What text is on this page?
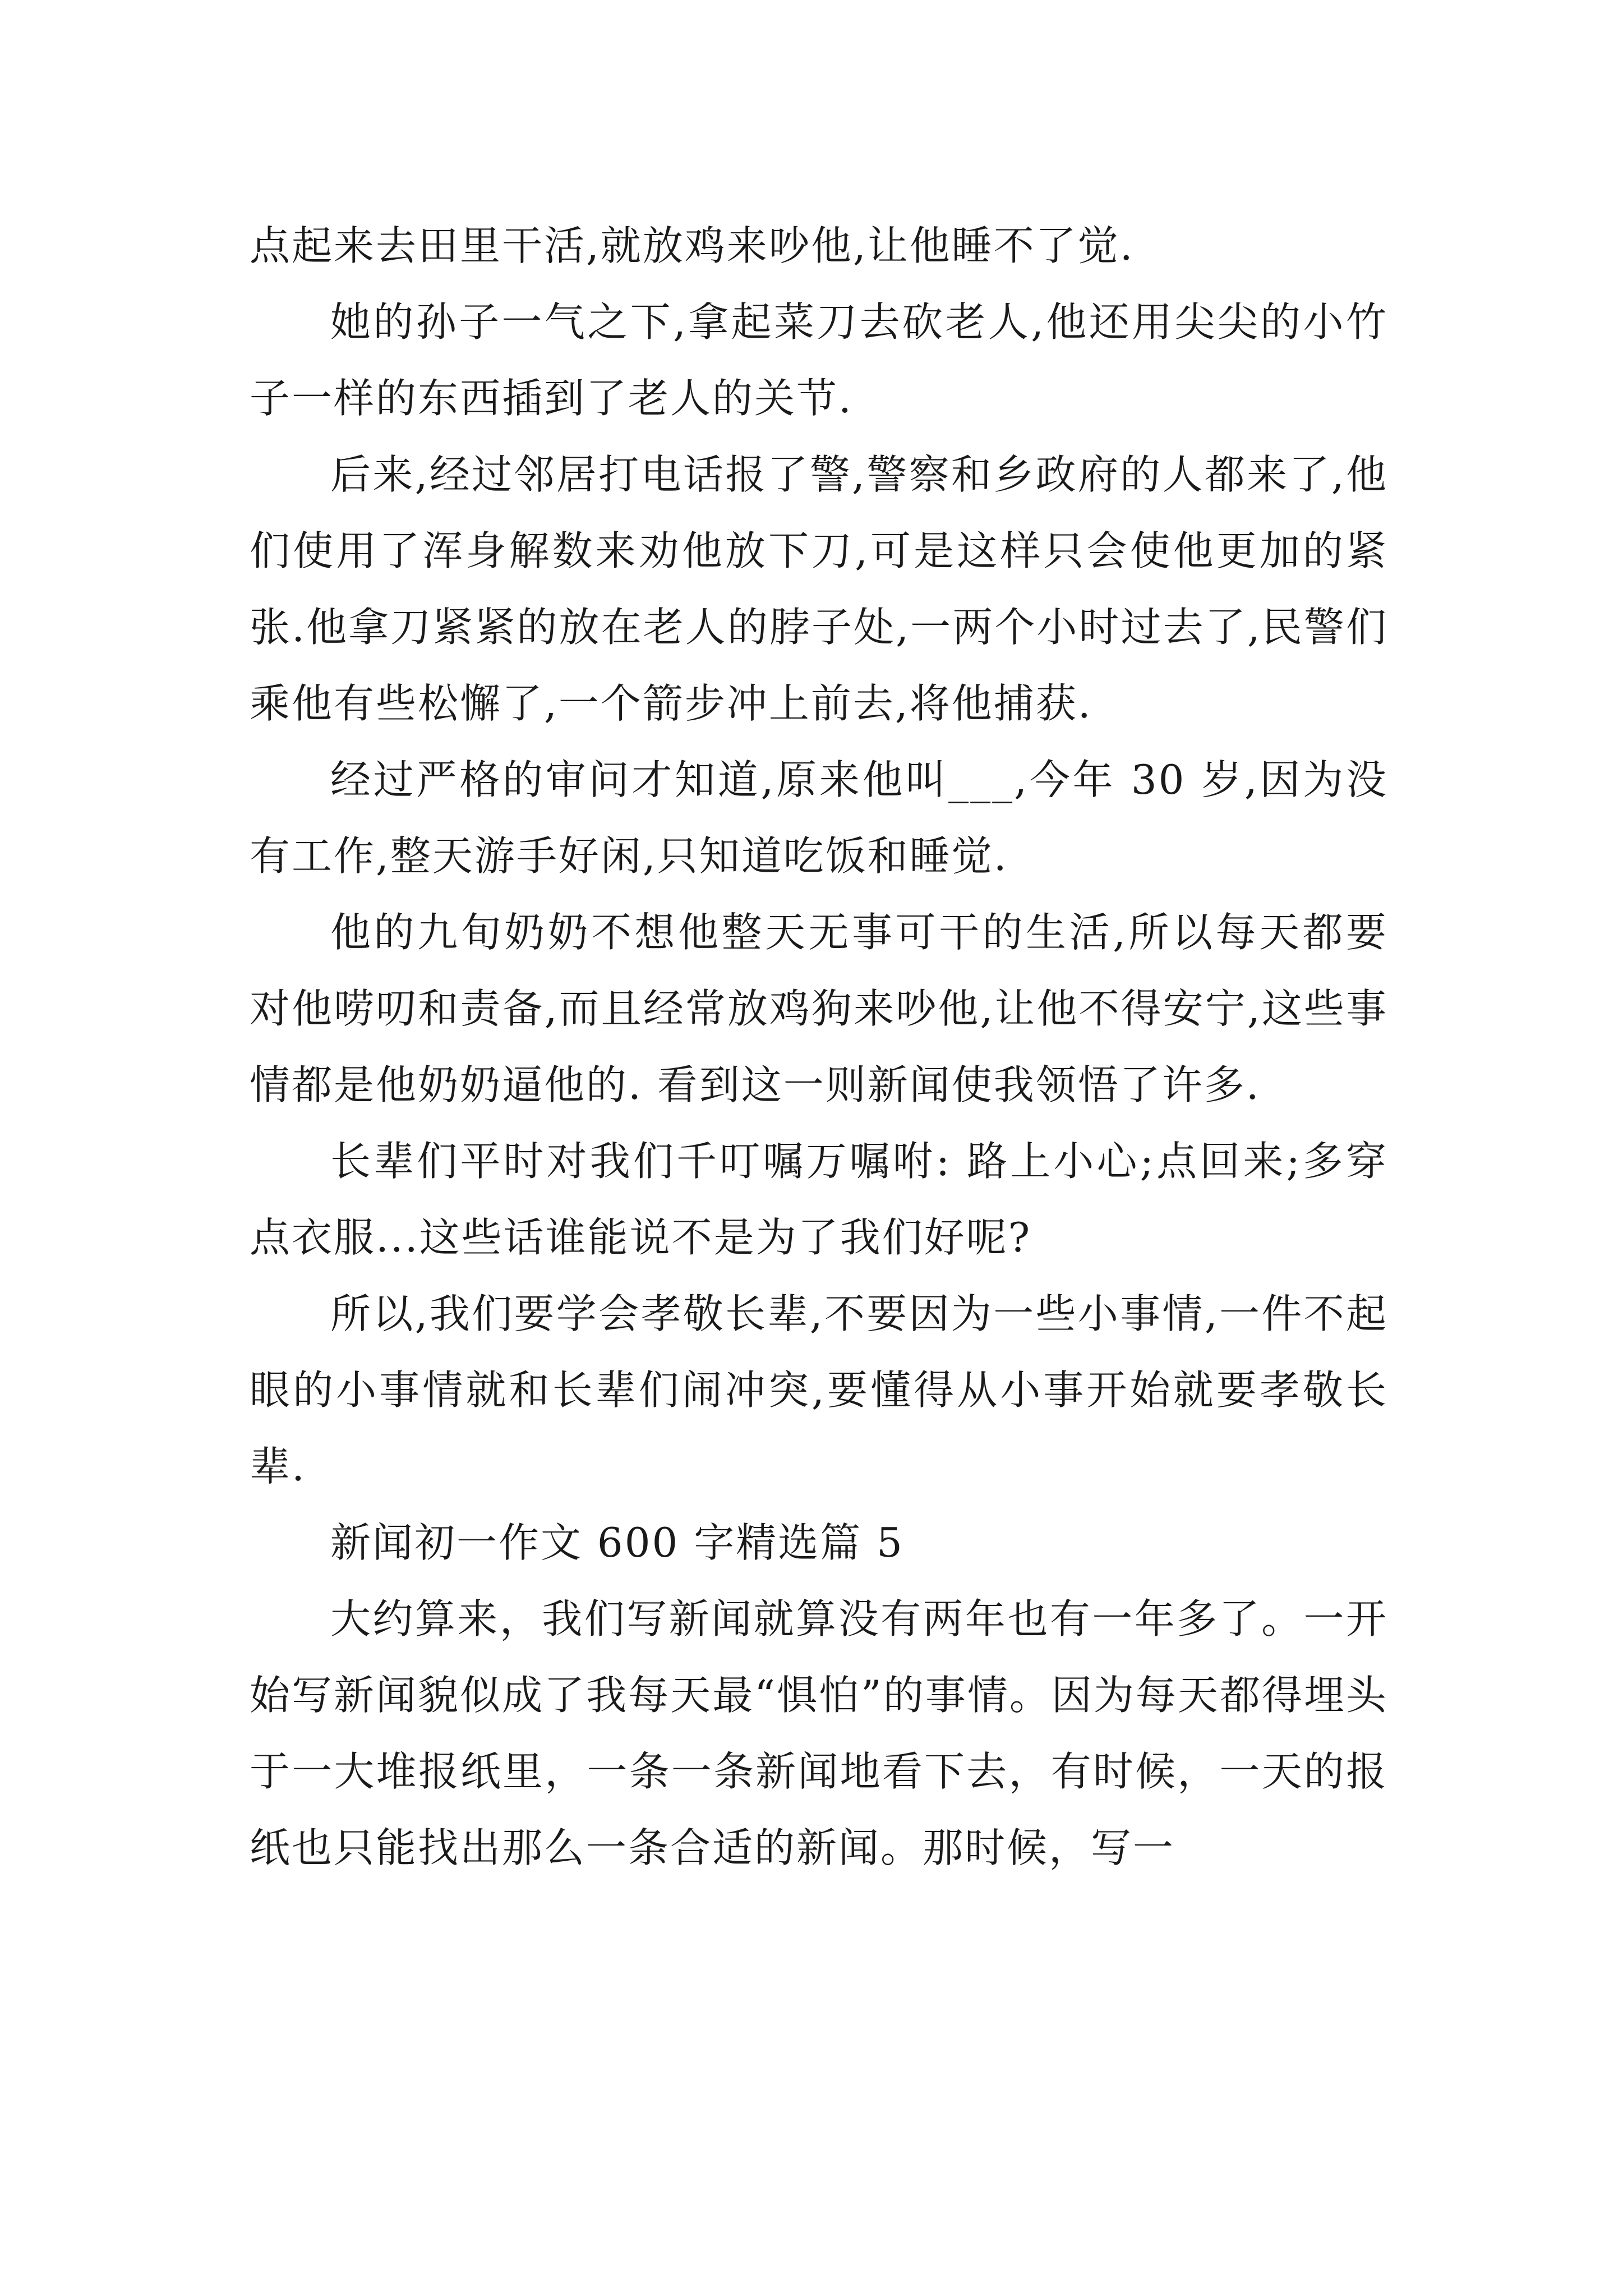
点起来去田里干活,就放鸡来吵他,让他睡不了觉.

她的孙子一气之下,拿起菜刀去砍老人,他还用尖尖的小竹子一样的东西插到了老人的关节.

后来,经过邻居打电话报了警,警察和乡政府的人都来了,他们使用了浑身解数来劝他放下刀,可是这样只会使他更加的紧张.他拿刀紧紧的放在老人的脖子处,一两个小时过去了,民警们乘他有些松懈了,一个箭步冲上前去,将他捕获.

经过严格的审问才知道,原来他叫___,今年 30 岁,因为没有工作,整天游手好闲,只知道吃饭和睡觉.

他的九旬奶奶不想他整天无事可干的生活,所以每天都要对他唠叨和责备,而且经常放鸡狗来吵他,让他不得安宁,这些事情都是他奶奶逼他的. 看到这一则新闻使我领悟了许多.

长辈们平时对我们千叮嘱万嘱咐: 路上小心;点回来;多穿点衣服...这些话谁能说不是为了我们好呢?

所以,我们要学会孝敬长辈,不要因为一些小事情,一件不起眼的小事情就和长辈们闹冲突,要懂得从小事开始就要孝敬长辈.

新闻初一作文 600 字精选篇 5

大约算来，我们写新闻就算没有两年也有一年多了。一开始写新闻貌似成了我每天最“惧怕”的事情。因为每天都得埋头于一大堆报纸里，一条一条新闻地看下去，有时候，一天的报纸也只能找出那么一条合适的新闻。那时候，写一
